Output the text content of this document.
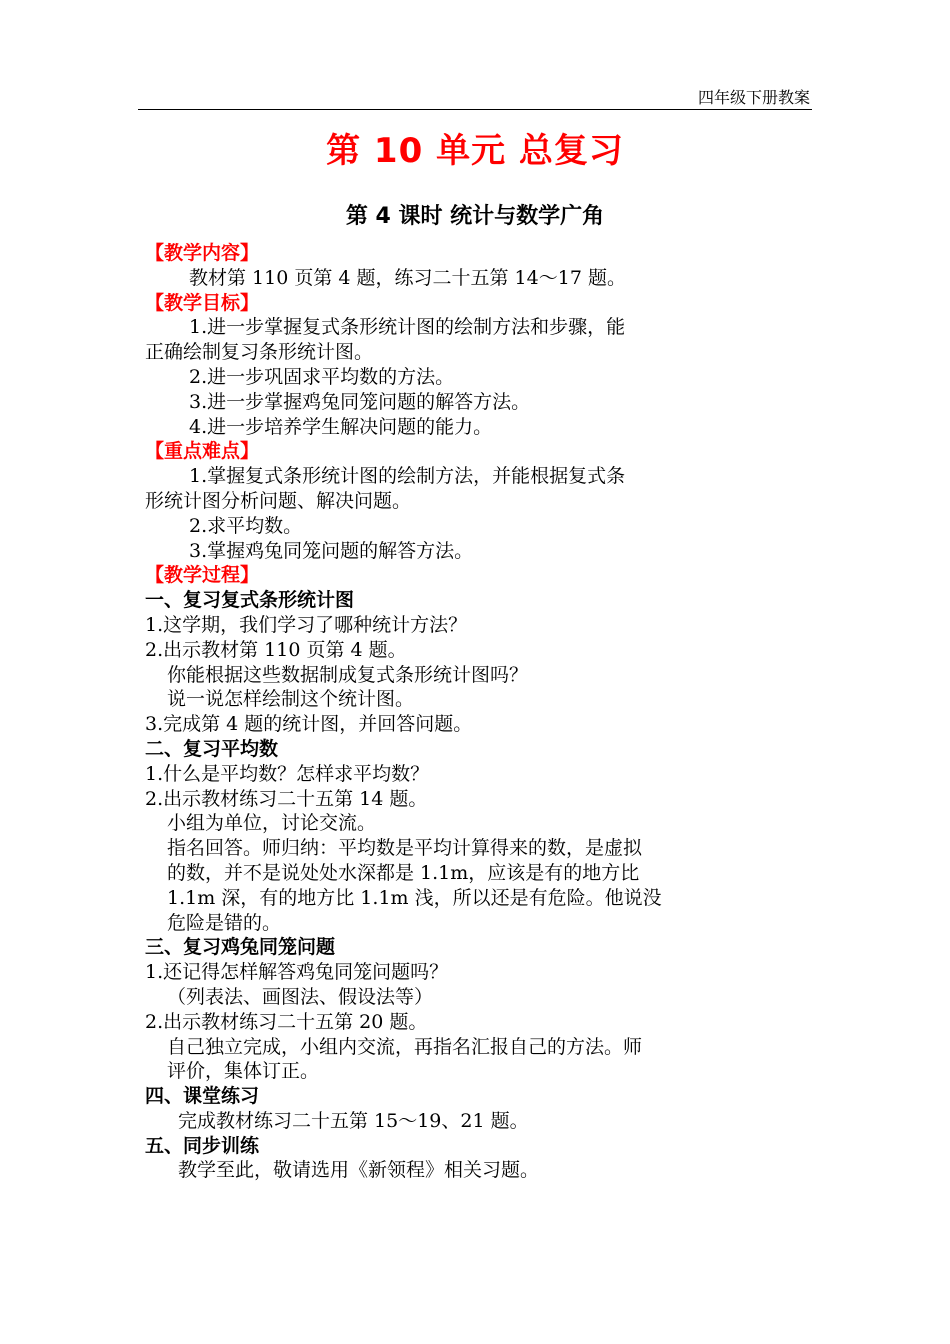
四年级下册教案
第 10 单元 总复习
第 4 课时 统计与数学广角

【教学内容】

教材第 110 页第 4 题，练习二十五第 14～17 题。

【教学目标】

1.进一步掌握复式条形统计图的绘制方法和步骤，能

正确绘制复习条形统计图。

2.进一步巩固求平均数的方法。

3.进一步掌握鸡兔同笼问题的解答方法。

4.进一步培养学生解决问题的能力。

【重点难点】

1.掌握复式条形统计图的绘制方法，并能根据复式条

形统计图分析问题、解决问题。

2.求平均数。

3.掌握鸡兔同笼问题的解答方法。

【教学过程】

一、复习复式条形统计图

1.这学期，我们学习了哪种统计方法？

2.出示教材第 110 页第 4 题。

你能根据这些数据制成复式条形统计图吗？

说一说怎样绘制这个统计图。

3.完成第 4 题的统计图，并回答问题。

二、复习平均数

1.什么是平均数？怎样求平均数？

2.出示教材练习二十五第 14 题。

小组为单位，讨论交流。

指名回答。师归纳：平均数是平均计算得来的数，是虚拟

的数，并不是说处处水深都是 1.1m，应该是有的地方比

1.1m 深，有的地方比 1.1m 浅，所以还是有危险。他说没

危险是错的。

三、复习鸡兔同笼问题

1.还记得怎样解答鸡兔同笼问题吗？

（列表法、画图法、假设法等）

2.出示教材练习二十五第 20 题。

自己独立完成，小组内交流，再指名汇报自己的方法。师

评价，集体订正。

四、课堂练习

完成教材练习二十五第 15～19、21 题。

五、同步训练

教学至此，敬请选用《新领程》相关习题。
